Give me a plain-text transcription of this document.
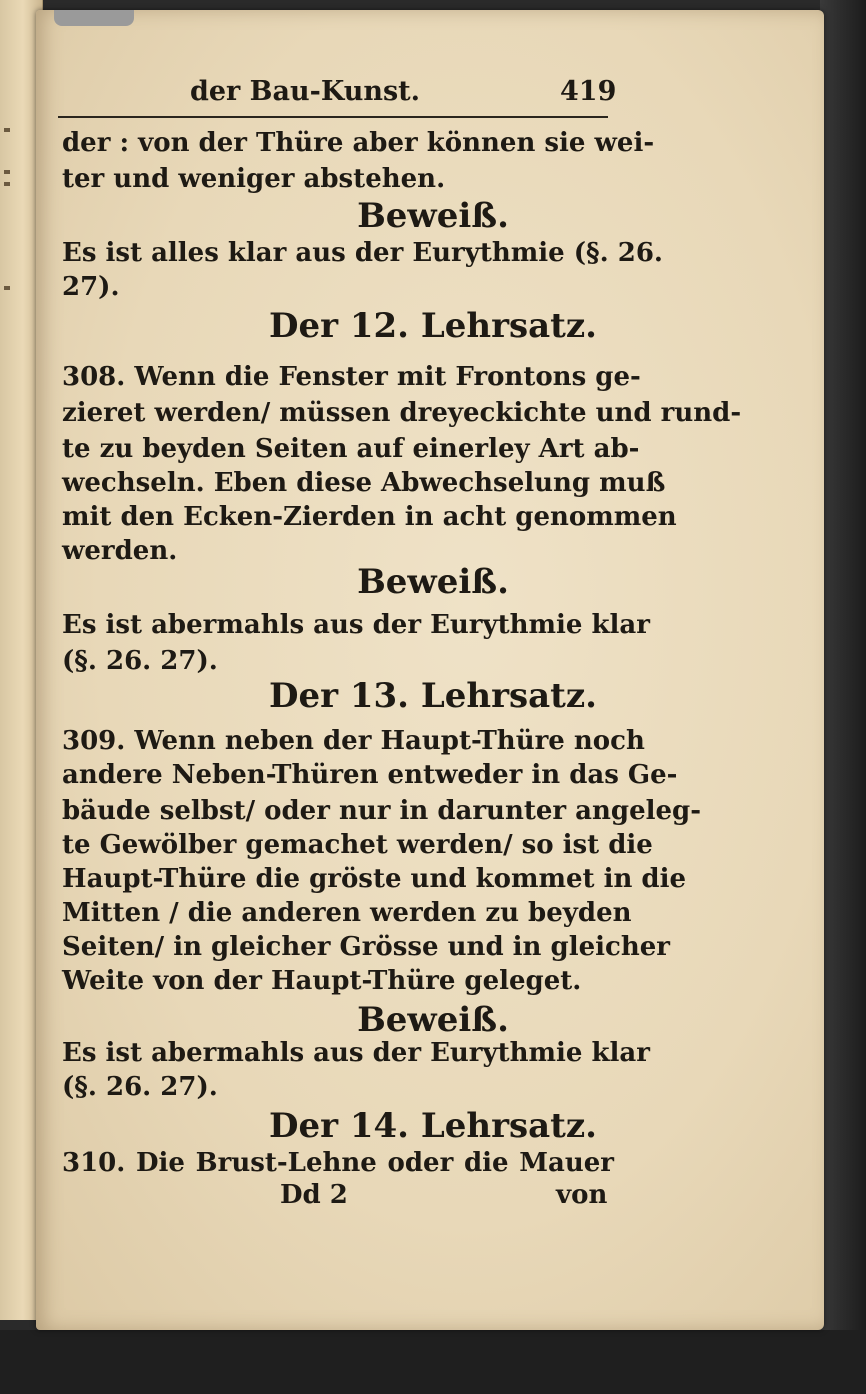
der Bau-Kunst.	419
der : von der Thüre aber können sie wei-
ter und weniger abstehen.
Beweiß.
Es ist alles klar aus der Eurythmie (§. 26.
27).
Der 12. Lehrsatz.
308. Wenn die Fenster mit Frontons ge-
zieret werden/ müssen dreyeckichte und rund-
te zu beyden Seiten auf einerley Art ab-
wechseln. Eben diese Abwechselung muß
mit den Ecken-Zierden in acht genommen
werden.
Beweiß.
Es ist abermahls aus der Eurythmie klar
(§. 26. 27).
Der 13. Lehrsatz.
309. Wenn neben der Haupt-Thüre noch
andere Neben-Thüren entweder in das Ge-
bäude selbst/ oder nur in darunter angeleg-
te Gewölber gemachet werden/ so ist die
Haupt-Thüre die gröste und kommet in die
Mitten / die anderen werden zu beyden
Seiten/ in gleicher Grösse und in gleicher
Weite von der Haupt-Thüre geleget.
Beweiß.
Es ist abermahls aus der Eurythmie klar
(§. 26. 27).
Der 14. Lehrsatz.
310. Die Brust-Lehne oder die Mauer
Dd 2	von
